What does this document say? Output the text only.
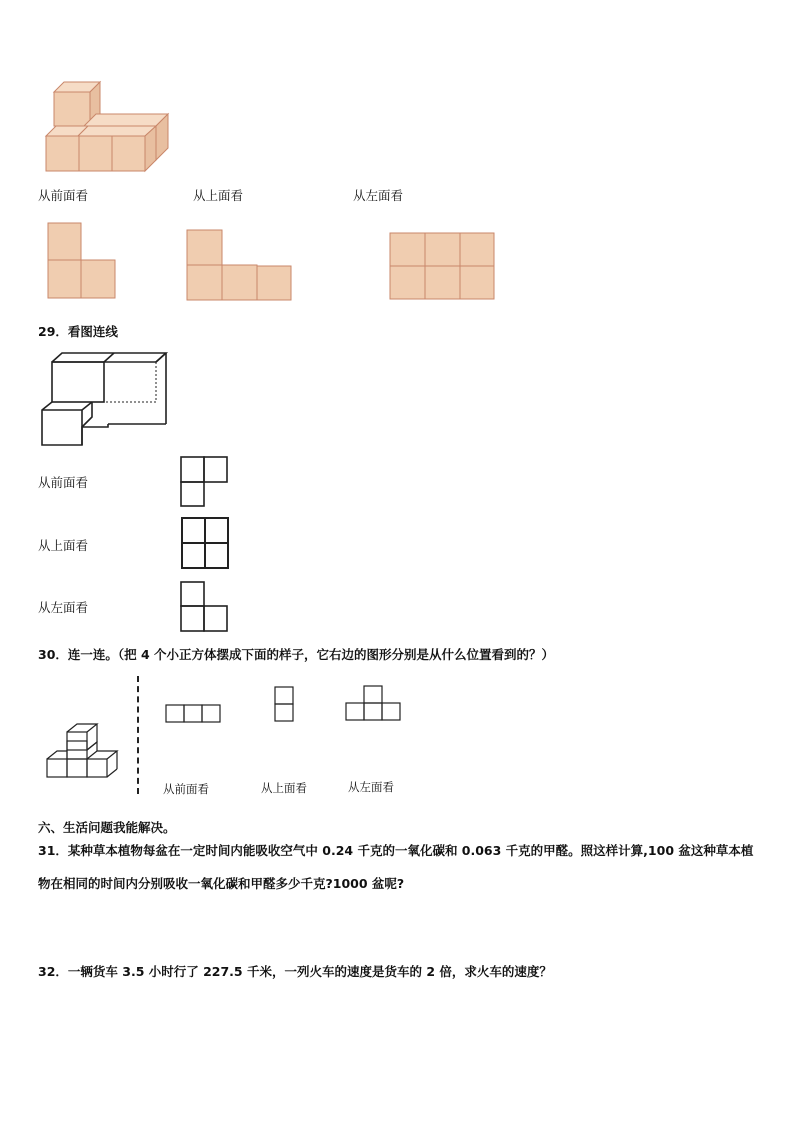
从前面看	从上面看	从左面看
29．看图连线
从前面看
从上面看
从左面看
30．连一连。（把 4 个小正方体摆成下面的样子，它右边的图形分别是从什么位置看到的？）
从前面看	从上面看	从左面看
六、生活问题我能解决。
31．某种草本植物每盆在一定时间内能吸收空气中 0.24 千克的一氧化碳和 0.063 千克的甲醛。照这样计算,100 盆这种草本植物在相同的时间内分别吸收一氧化碳和甲醛多少千克?1000 盆呢?
32．一辆货车 3.5 小时行了 227.5 千米，一列火车的速度是货车的 2 倍，求火车的速度？
